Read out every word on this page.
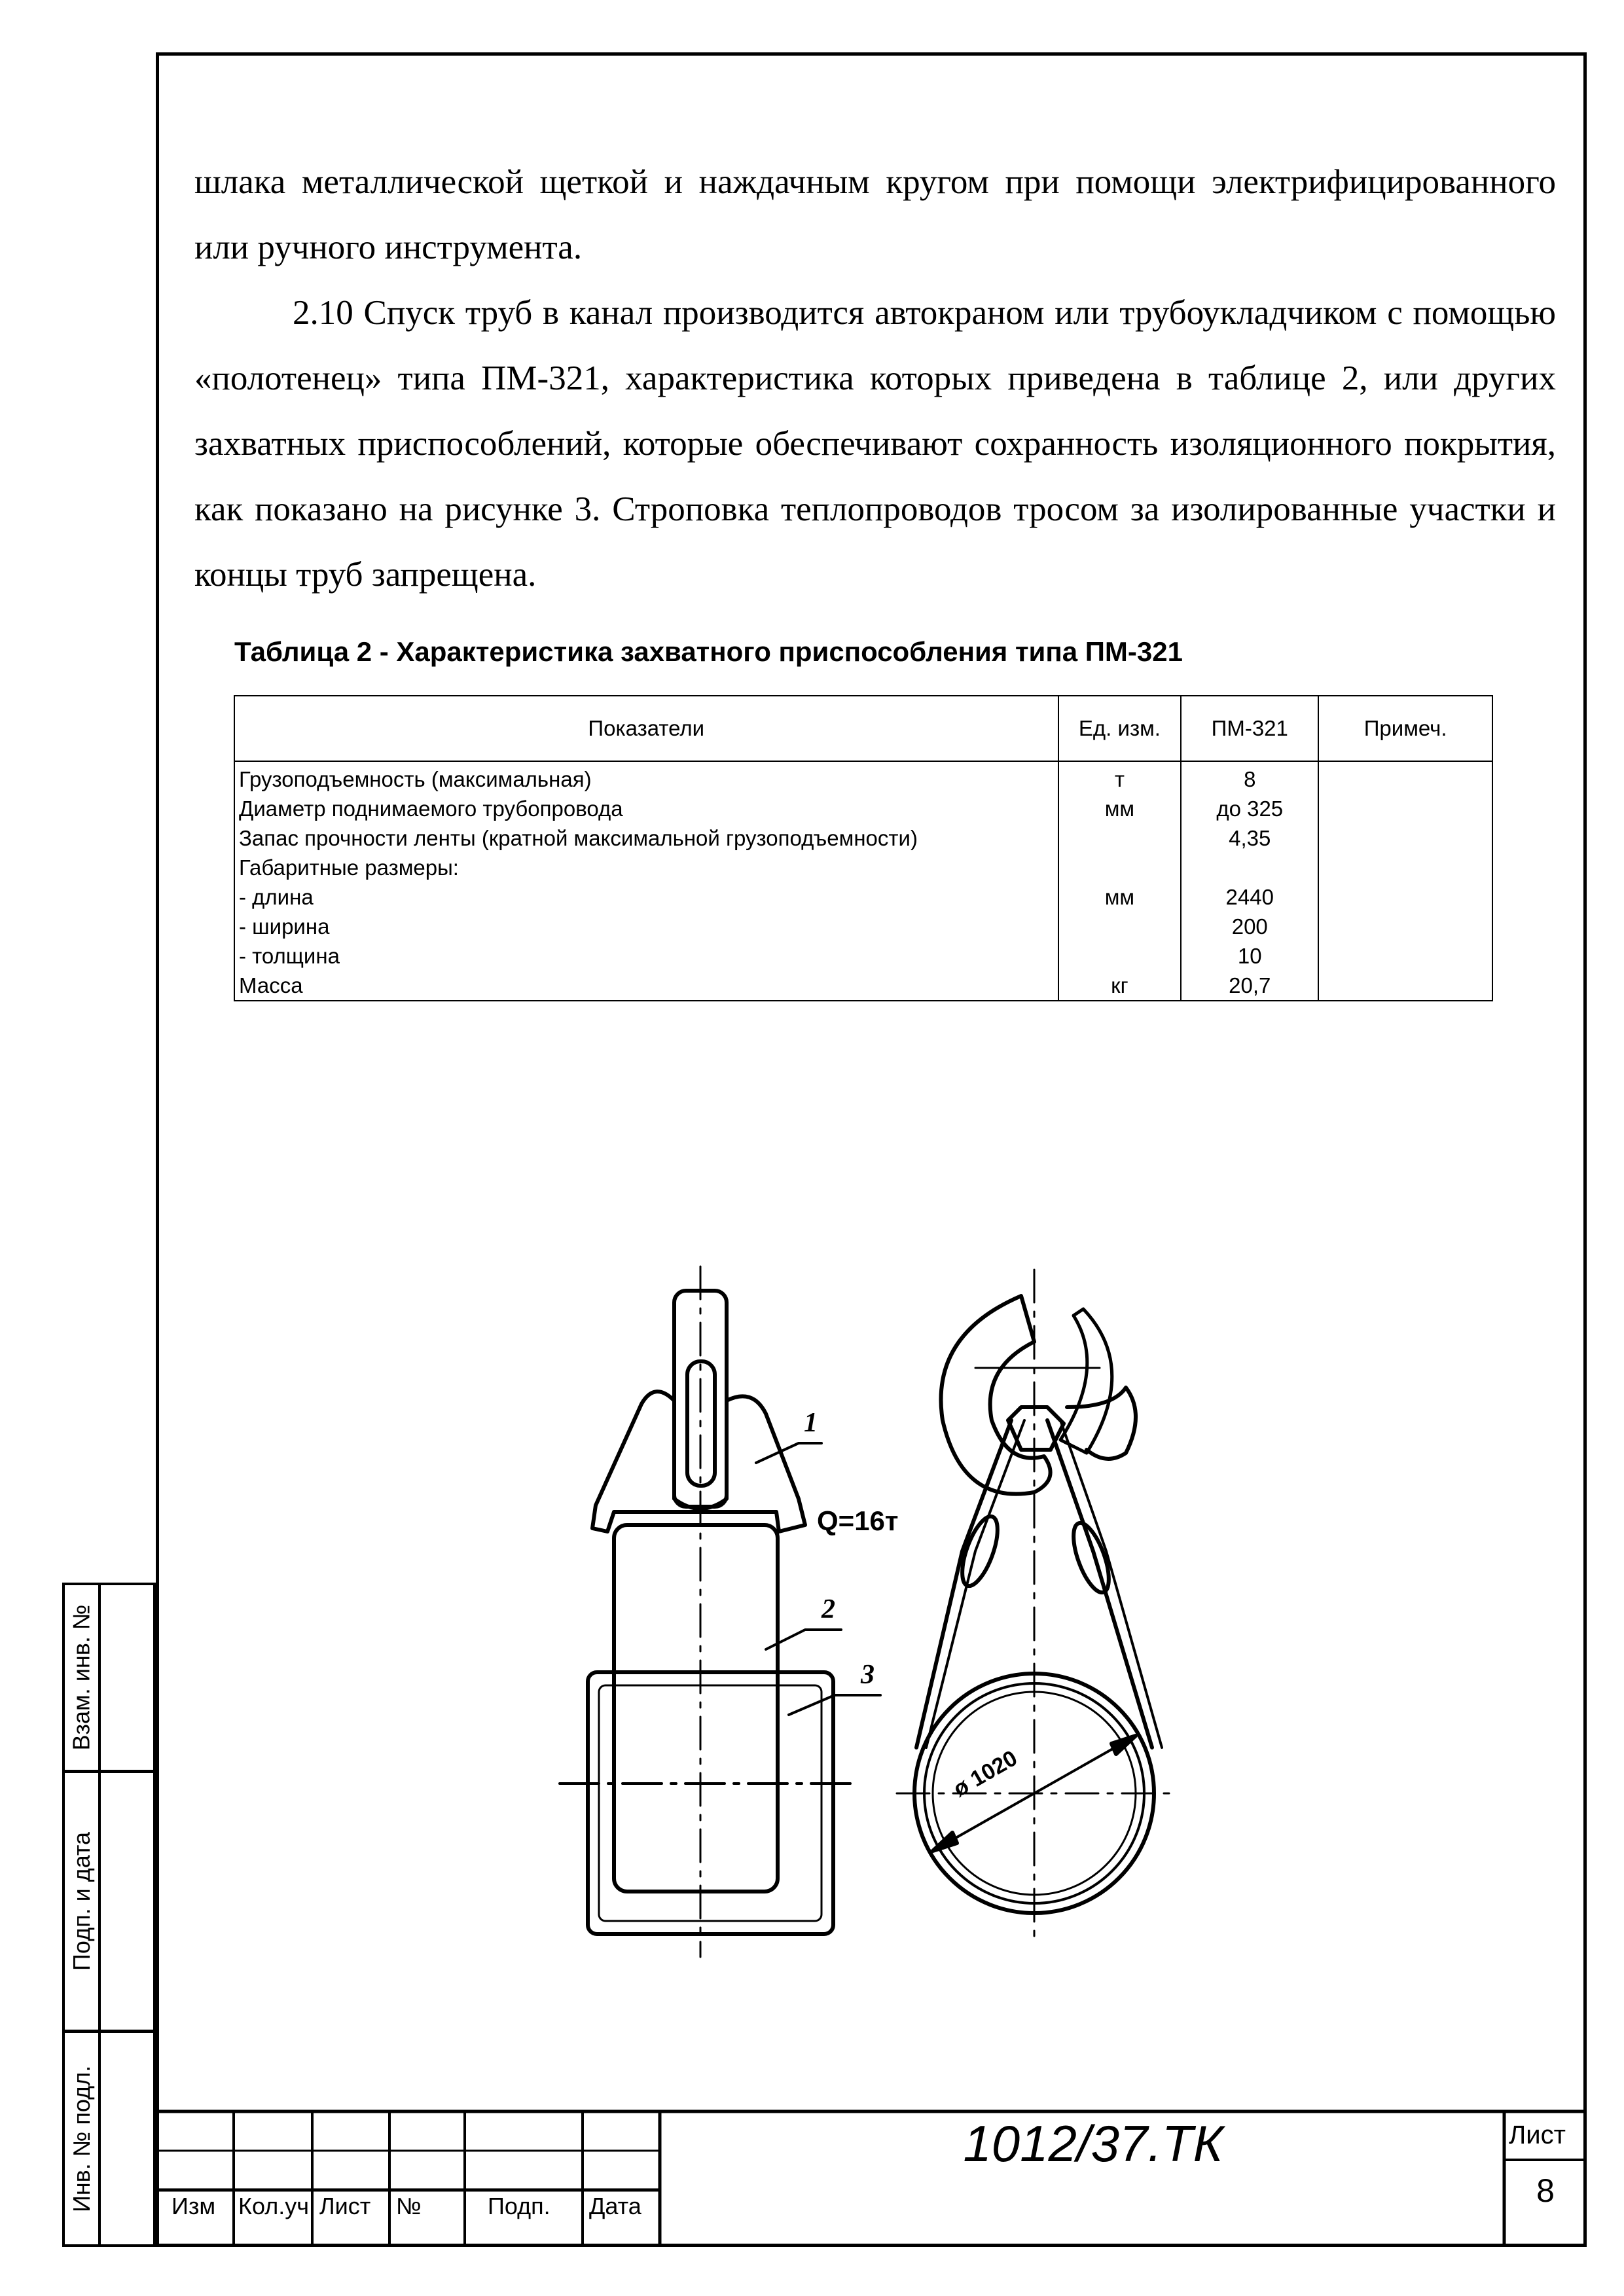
шлака металлической щеткой и наждачным кругом при помощи электрифицированного или ручного инструмента.

2.10 Спуск труб в канал производится автокраном или трубоукладчиком с помощью «полотенец» типа ПМ-321, характеристика которых приведена в таблице 2, или других захватных приспособлений, которые обеспечивают сохранность изоляционного покрытия, как показано на рисунке 3. Строповка теплопроводов тросом за изолированные участки и концы труб запрещена.

Таблица 2 - Характеристика захватного приспособления типа ПМ-321
Показатели	Ед. изм.	ПМ-321	Примеч.
Грузоподъемность (максимальная)	т	8	
Диаметр поднимаемого трубопровода	мм	до 325	
Запас прочности ленты (кратной максимальной грузоподъемности)		4,35	
Габаритные размеры:			
- длина	мм	2440	
- ширина		200	
- толщина		10	
Масса	кг	20,7	
1
2
3
Q=16т
ø 1020
Взам. инв. №
Подп. и дата
Инв. № подл.	Изм Кол.уч Лист №	Подп. Дата
1012/37.ТК	Лист
8
